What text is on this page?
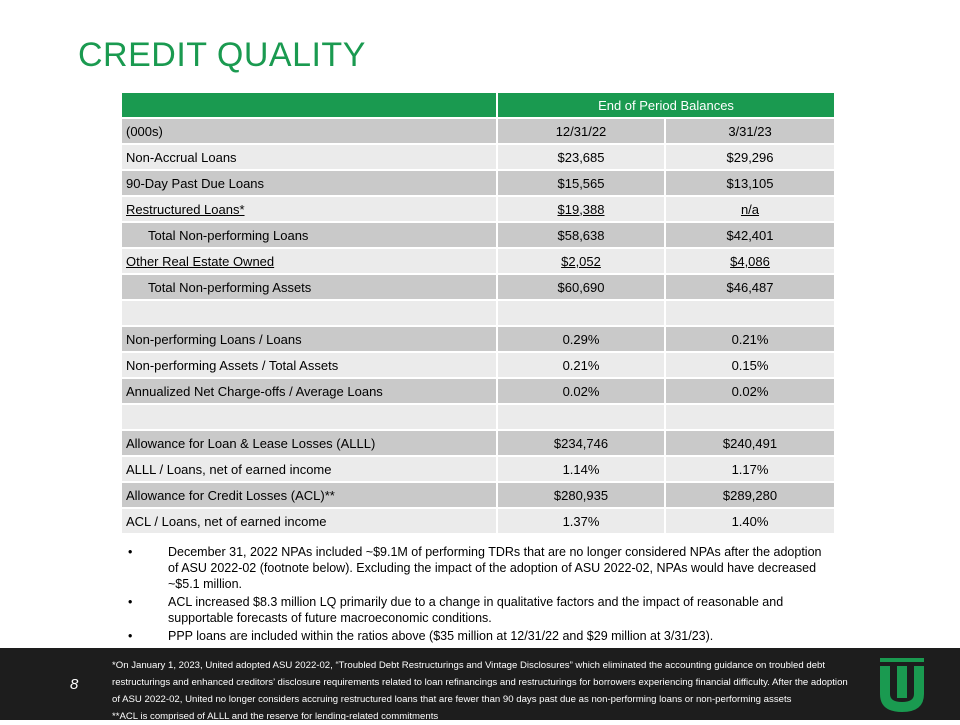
CREDIT QUALITY
	End of Period Balances	
(000s)	12/31/22	3/31/23
Non-Accrual Loans	$23,685	$29,296
90-Day Past Due Loans	$15,565	$13,105
Restructured Loans*	$19,388	n/a
Total Non-performing Loans	$58,638	$42,401
Other Real Estate Owned	$2,052	$4,086
Total Non-performing Assets	$60,690	$46,487

Non-performing Loans / Loans	0.29%	0.21%
Non-performing Assets / Total Assets	0.21%	0.15%
Annualized Net Charge-offs / Average Loans	0.02%	0.02%

Allowance for Loan & Lease Losses (ALLL)	$234,746	$240,491
ALLL / Loans, net of earned income	1.14%	1.17%
Allowance for Credit Losses (ACL)**	$280,935	$289,280
ACL / Loans, net of earned income	1.37%	1.40%
•	December 31, 2022 NPAs included ~$9.1M of performing TDRs that are no longer considered NPAs after the adoption of ASU 2022-02 (footnote below). Excluding the impact of the adoption of ASU 2022-02, NPAs would have decreased ~$5.1 million.
•	ACL increased $8.3 million LQ primarily due to a change in qualitative factors and the impact of reasonable and supportable forecasts of future macroeconomic conditions.
•	PPP loans are included within the ratios above ($35 million at 12/31/22 and $29 million at 3/31/23).
8
*On January 1, 2023, United adopted ASU 2022-02, “Troubled Debt Restructurings and Vintage Disclosures” which eliminated the accounting guidance on troubled debt restructurings and enhanced creditors’ disclosure requirements related to loan refinancings and restructurings for borrowers experiencing financial difficulty. After the adoption of ASU 2022-02, United no longer considers accruing restructured loans that are fewer than 90 days past due as non-performing loans or non-performing assets
**ACL is comprised of ALLL and the reserve for lending-related commitments
